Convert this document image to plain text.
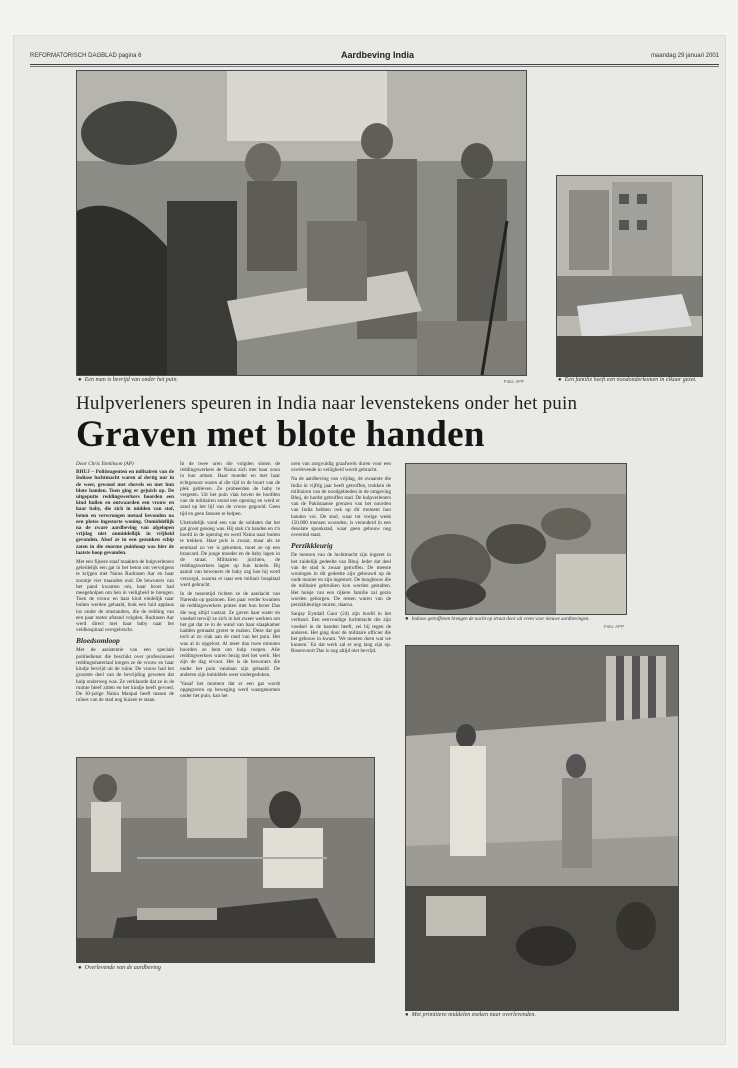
REFORMATORISCH DAGBLAD pagina 6	Aardbeving India	maandag 29 januari 2001
● Een man is bevrijd van onder het puin.	Foto: AFP	● Een familie heeft een noodonderkomen in elkaar gezet.
Hulpverleners speuren in India naar levenstekens onder het puin
Graven met blote handen

Door Chris Tomlinson (AP)

BHUJ – Politieagenten en militairen van de Indiase luchtmacht waren al dertig uur in de weer, gewond met shovels en met hun blote handen. Toen ging er gejuich op. De uitgeputte reddingswerkers hoorden een kind huilen en ontwaarden een vrouw en haar baby, die zich in midden van stof, beton en verwrongen metaal bevonden na een plotse ingestorte woning. Onmiddellijk na de zware aardbeving van afgelopen vrijdag niet onmiddellijk in vrijheid gevonden. Alsof ze in een gezonken schip zaten in die enorme puinhoop was hier de laatste hoop gevonden.

Met een fijnere staaf maakten de hulpverleners geleidelijk een gat in het beton om vervolgens te krijgen met Naina Rudrasen Aar en haar zoontje vier maanden oud. De bewoners van het pand kwamen om, haar broer had meegeholpen om hen in veiligheid te brengen. Toen de vrouw en haar kind eindelijk naar buiten werden gehaald, brak een luid applaus los onder de omstanders, die de redding van een paar meter afstand volgden. Rudrasen Aar werd direct met haar baby naar het veldhospitaal overgebracht.

Bloedsomloop

Met de assistentie van een speciale politiedienst die beschikt over professioneel reddingsmateriaal kregen ze de vrouw en haar kindje bevrijd uit de ruïne. De vrouw had het grootste deel van de bevrijding geweten dat hulp onderweg was. Ze verklaarde dat ze in de ruimte bleef zitten en het kindje heeft gevoed. De 30-jarige Naina Manpal heeft tussen de ruïnes van de stad nog huizen te staan.

In de twee uren die volgden sloten de reddingswerkers de Naina zich met haar zoon in hun armen. Haar moeder en met haar echtgenoot waren al die tijd in de buurt van de plek gebleven. Ze probeerden de baby te vergeten. Uit het puin vlak boven de hoofden van de militairen stond een opening en werd er zand op het lijf van de vrouw gegooid. Geen tijd en geen fatsoen te helpen.

Uiteindelijk vond een van de soldaten dat het gat groot genoeg was. Hij stak z'n handen en z'n hoofd in de opening en werd Naina naar buiten te trekken. Haar pols is zwaar, maar als ze eenmaal zo ver is gekomen, moet ze op een brancard. De jonge moeder en de baby lagen in de straat. Militairen juichten, de reddingswerkers lagen op hun knieën. Bij aantal van bewoners de baby zag hoe hij werd verzorgd, waarna er naar een militair hospitaal werd gebracht.

In de tussentijd richten ze de aandacht van Narenda op gezinnen. Een paar verder kwamen de reddingswerkers praten met hun broer Das die nog altijd vastzat. Ze gaven haar water en voedsel terwijl ze zich in het zweet werkten om het gat dat ze in de wand van haar slaapkamer hadden gemaakt groter te maken. Deze dat gat toch al zo vlak aan de rand van het puin. Het was al in opgelost. Al meer dan twee minuten hoorden ze hem om hulp roepen. Alle reddingwerkers waren bezig met het werk. Het zijn de dag ervoor. Het is de bewoners die onder het puin vandaan zijn gehaald. De anderen zijn inmiddels weer ondergedoken.

'Vanaf het moment dat er een gat wordt opgegraven op beweging werd waargenomen onder het puin, kan het

uren van zorgvuldig graafwerk duren voor een overlevende in veiligheid wordt gebracht.

Na de aardbeving van vrijdag, de zwaarste die India in vijftig jaar heeft getroffen, trokken de militairen van de noodgebieden in de omgeving Bhuj, de hardst getroffen stad. De hulpverleners van de Pakistaanse grenzen van het noorden van India hebben ook op dit moment hun handen vol. De stad, waar tot vorige week 150.000 mensen woonden, is veranderd in een desolate spookstad, waar geen gebouw nog overeind staat.

Perzikkleurig

De mensen van de luchtmacht zijn ingezet in het zuidelijk gedeelte van Bhuj. Ieder dat deel van de stad is zwaar getroffen. De meeste woningen in dit gedeelte zijn gebouwd op de oude manier en zijn ingestort. De hoogbouw die de militaire gebruiken kon worden gestalten. Het huisje van een rijkere familie zal gezin worden geborgen. De resten waren van de perzikkleurige muren, daarna.

Sanjay Eyndall Gaur (24) zijn hoofd in het verband. Een eenvoudige luchtmacht die zijn voedsel in de handen heeft, zei hij tegen de anderen. Het ging door de militaire officier die het gebouw in kwam. 'We moeten doen wat we kunnen.' En dat werk zal er nog lang zijn op. Rosenvoort Das is nog altijd niet bevrijd.

● Indiase getroffenen brengen de nacht op straat door uit vrees voor nieuwe aardbevingen.
Foto: AFP
● Overlevende van de aardbeving
● Met primitieve middelen zoeken naar overlevenden.
